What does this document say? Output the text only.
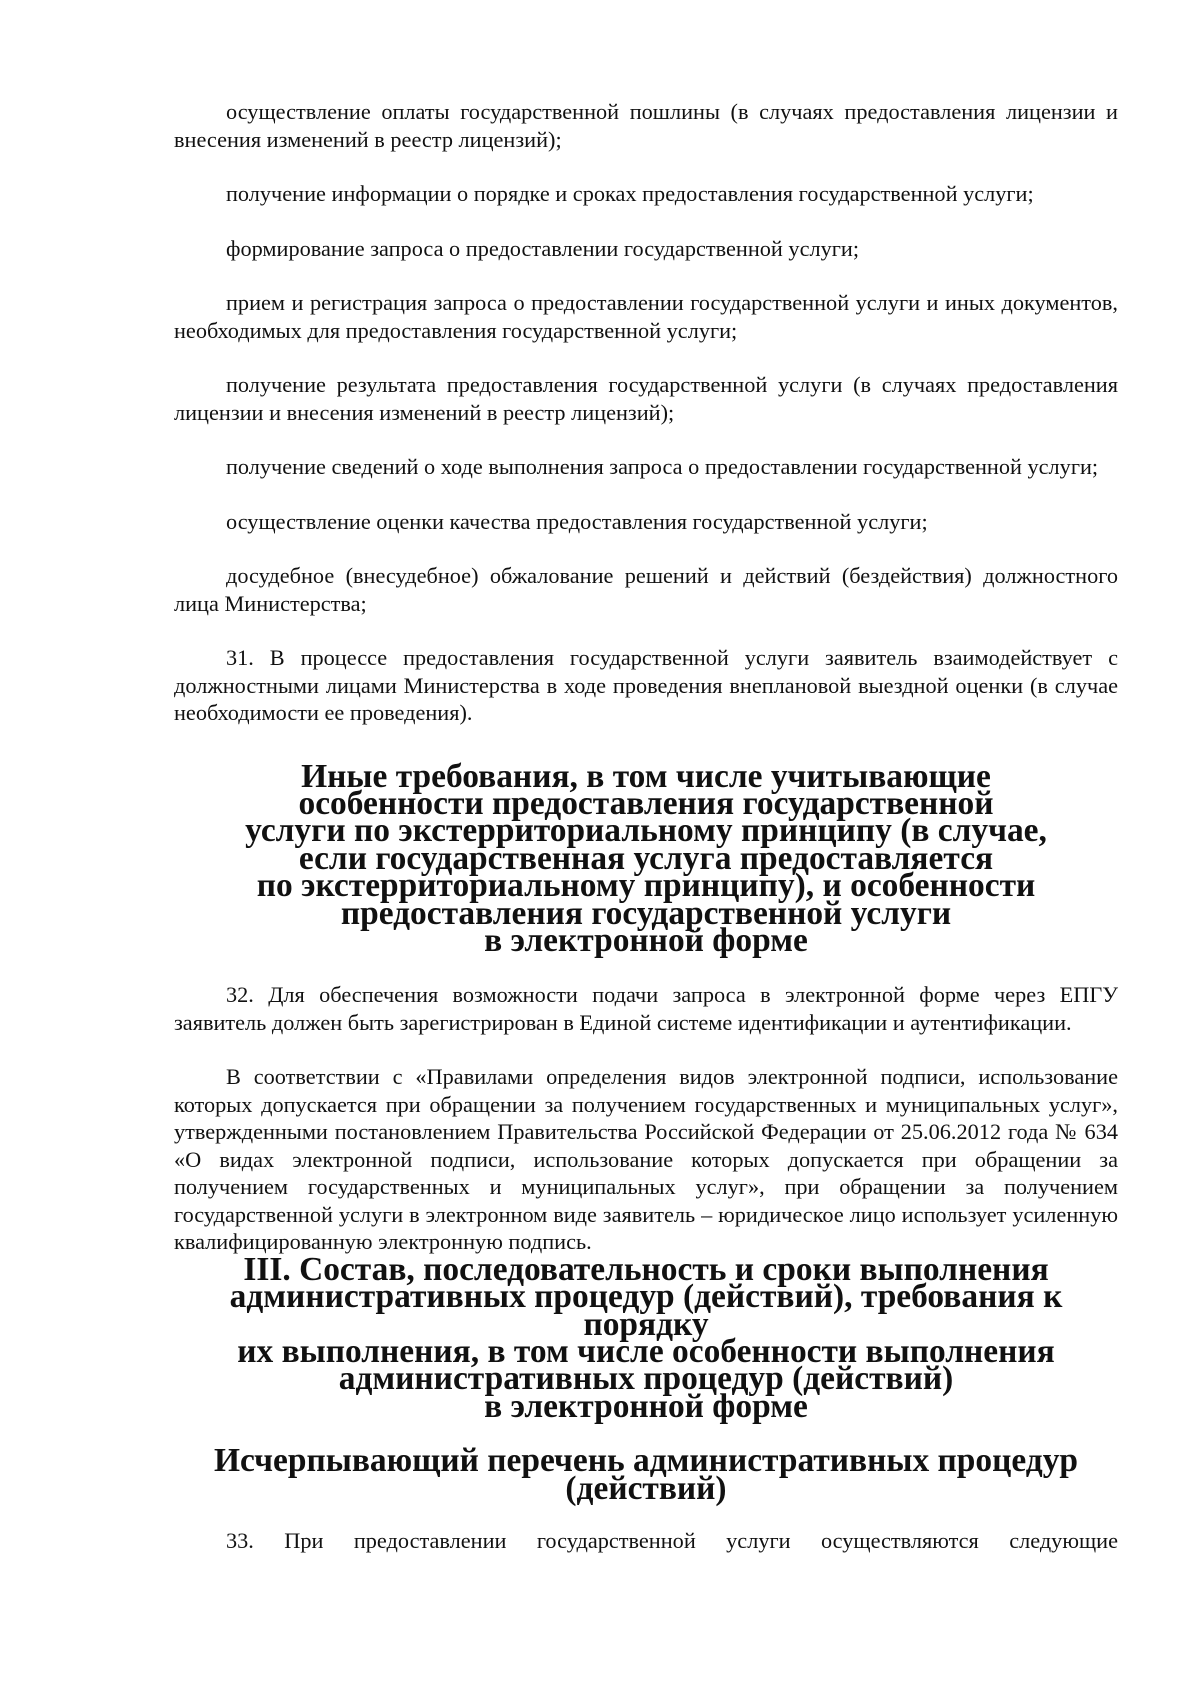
осуществление оплаты государственной пошлины (в случаях предоставления лицензии и внесения изменений в реестр лицензий);

получение информации о порядке и сроках предоставления государственной услуги;

формирование запроса о предоставлении государственной услуги;

прием и регистрация запроса о предоставлении государственной услуги и иных документов, необходимых для предоставления государственной услуги;

получение результата предоставления государственной услуги (в случаях предоставления лицензии и внесения изменений в реестр лицензий);

получение сведений о ходе выполнения запроса о предоставлении государственной услуги;

осуществление оценки качества предоставления государственной услуги;

досудебное (внесудебное) обжалование решений и действий (бездействия) должностного лица Министерства;

31. В процессе предоставления государственной услуги заявитель взаимодействует с должностными лицами Министерства в ходе проведения внеплановой выездной оценки (в случае необходимости ее проведения).

Иные требования, в том числе учитывающие
особенности предоставления государственной
услуги по экстерриториальному принципу (в случае,
если государственная услуга предоставляется
по экстерриториальному принципу), и особенности
предоставления государственной услуги
в электронной форме

32. Для обеспечения возможности подачи запроса в электронной форме через ЕПГУ заявитель должен быть зарегистрирован в Единой системе идентификации и аутентификации.

В соответствии с «Правилами определения видов электронной подписи, использование которых допускается при обращении за получением государственных и муниципальных услуг», утвержденными постановлением Правительства Российской Федерации от 25.06.2012 года № 634 «О видах электронной подписи, использование которых допускается при обращении за получением государственных и муниципальных услуг», при обращении за получением государственной услуги в электронном виде заявитель – юридическое лицо использует усиленную квалифицированную электронную подпись.

III. Состав, последовательность и сроки выполнения
административных процедур (действий), требования к порядку
их выполнения, в том числе особенности выполнения
административных процедур (действий)
в электронной форме
Исчерпывающий перечень административных процедур (действий)

33. При предоставлении государственной услуги осуществляются следующие
